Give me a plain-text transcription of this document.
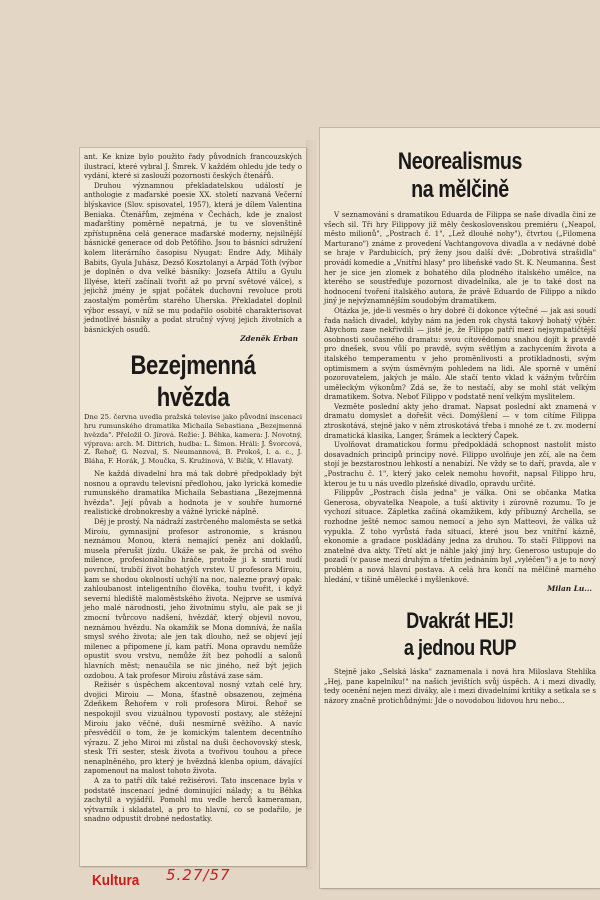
ant. Ke knize bylo použito řady původních francouzských ilustrací, které vybral J. Šmrek. V každém ohledu jde tedy o vydání, které si zaslouží pozornosti českých čtenářů.

Druhou významnou překladatelskou událostí je anthologie z maďarské poesie XX. století nazvaná Večerní blýskavice (Slov. spisovatel, 1957), která je dílem Valentina Beniaka. Čtenářům, zejména v Čechách, kde je znalost maďarštiny poměrně nepatrná, je tu ve slovenštině zpřístupněna celá generace maďarské moderny, nejsilnější básnické generace od dob Petőfiho. Jsou to básníci sdružení kolem literárního časopisu Nyugat: Endre Ady, Mihály Babits, Gyula Juhász, Dezső Kosztolanyi a Arpád Tóth (výbor je doplněn o dva velké básníky: Jozsefa Attilu a Gyulu Illyése, kteří začínali tvořit až po první světové válce), s jejichž jmény je spjat počátek duchovní revoluce proti zaostalým poměrům starého Uherska. Překladatel doplnil výbor essayí, v níž se mu podařilo osobitě charakterisovat jednotlivé básníky a podat stručný vývoj jejich životních a básnických osudů.

Zdeněk Erban

Bezejmenná hvězda

Dne 25. června uvedla pražská televise jako původní inscenaci hru rumunského dramatika Michaila Sebastiana „Bezejmenná hvězda". Přeložil O. Jírová. Režie: J. Běhka, kamera: J. Novotný, výprava: arch. M. Dittrich, hudba: L. Šimon. Hráli: J. Švorcová, Z. Řehoř, G. Nezval, S. Neumannová, B. Prokoš, l. a. c., J. Bláha, F. Horák, J. Moučka, S. Kružinová, V. Bičík, V. Hlavatý.

Ne každá divadelní hra má tak dobré předpoklady být nosnou a opravdu televisní předlohou, jako lyrická komedie rumunského dramatika Michaila Sebastiana „Bezejmenná hvězda". Její půvab a hodnota je v souhře humorné realistické drobnokresby a vážné lyrické náplně.

Děj je prostý. Na nádraží zastrčeného maloměsta se setká Miroiu, gymnasijní profesor astronomie, s krásnou neznámou Monou, která nemající peněz ani dokladů, musela přerušit jízdu. Ukáže se pak, že prchá od svého milence, profesionálního hráče, protože ji k smrti nudí povrchní, trubčí život bohatých vrstev. U profesora Miroiu, kam se shodou okolností uchýlí na noc, nalezne pravý opak: zahloubanost inteligentního člověka, touhu tvořit, i když severní hlediště maloměstského života. Nejprve se usmívá jeho malé národnosti, jeho životnímu stylu, ale pak se ji zmocní tvůrcovo nadšení, hvězdář, který objevil novou, neznámou hvězdu. Na okamžik se Mona domnívá, že našla smysl svého života; ale jen tak dlouho, než se objeví její milenec a připomene jí, kam patří. Mona opravdu nemůže opustit svou vrstvu, nemůže žít bez pohodlí a salonů hlavních měst; nenaučila se nic jiného, než být jejich ozdobou. A tak profesor Miroiu zůstává zase sám.

Režisér s úspěchem akcentoval nosný vztah celé hry, dvojici Miroiu — Mona, šťastně obsazenou, zejména Zdeňkem Řehořem v roli profesora Miroi. Řehoř se nespokojil svou vizuálnou typovostí postavy, ale stěžejní Miroiu jako věčné, duši nesmírně svěžího. A navíc přesvědčil o tom, že je komickým talentem decentního výrazu. Z jeho Miroi mi zůstal na duši čechovovský stesk, stesk Tří sester, stesk života a tvořivou touhou a přece nenaplněného, pro který je hvězdná klenba opium, dávající zapomenout na malost tohoto života.

A za to patří dík také režisérovi. Tato inscenace byla v podstatě inscenací jedné dominující nálady; a tu Běhka zachytil a vyjádřil. Pomohl mu vedle herců kameraman, výtvarník i skladatel, a pro to hlavní, co se podařilo, je snadno odpustit drobné nedostatky.

Neorealismus
na mělčině

V seznamování s dramatikou Eduarda de Filippa se naše divadla činí ze všech sil. Tři hry Filippovy již měly československou premiéru („Neapol, město milionů", „Postrach č. 1", „Lež dlouhé nohy"), čtvrtou („Filomena Marturano") známe z provedení Vachtangovova divadla a v nedávné době se hraje v Pardubicích, prý ženy jsou další dvě: „Dobrotivá strašidla" provádí komedie a „Vnitřní hlasy" pro libeňské vado St. K. Neumanna. Šest her je sice jen zlomek z bohatého díla plodného italského umělce, na kterého se soustřeďuje pozornost divadelníka, ale je to také dost na hodnocení tvoření italského autora, že právě Eduardo de Filippo a nikdo jiný je nejvýznamnějším soudobým dramatikem.

Otázka je, jde-li vesměs o hry dobré či dokonce výtečné — jak asi soudí řada našich divadel, kdyby nám na jeden rok chystá takový bohatý výběr. Abychom zase nekřivdili — jisté je, že Filippo patří mezi nejsympatičtější osobnosti současného dramatu: svou citovědomou snahou dojít k pravdě pro dnešek, svou vůlí po pravdě, svým světlým a zachycením života a italského temperamentu v jeho proměnlivosti a protikladnosti, svým optimismem a svým úsměvným pohledem na lidi. Ale sporně v umění pozorovatelem, jakých je málo. Ale stačí tento vklad k vážným tvůrčím uměleckým výkonům? Zdá se, že to nestačí, aby se mohl stát velkým dramatikem. Sotva. Neboť Filippo v podstatě není velkým myslitelem.

Vezměte poslední akty jeho dramat. Napsat poslední akt znamená v dramatu domyslet a dořešit věci. Domýšlení — v tom cítíme Filippa ztroskotává, stejně jako v něm ztroskotává třeba i mnohé ze t. zv. moderní dramatická klasika, Langer, Šrámek a leckterý Čapek.

Uvolňovat dramatickou formu předpokládá schopnost nastolit místo dosavadních principů principy nové. Filippo uvolňuje jen zčí, ale na čem stojí je bezstarostnou lehkostí a nenabízí. Ne vždy se to daří, pravda, ale v „Postrachu č. 1", který jako celek nemohu hovořit, napsal Filippo hru, kterou je tu u nás uvedlo plzeňské divadlo, opravdu určité.

Filippův „Postrach čísla jedna" je válka. Oni se občanka Matka Generosa, obyvatelka Neapole, a tuší aktivity i zúrovně rozumu. To je vychozí situace. Zápletka začíná okamžikem, kdy příbuzný Archella, se rozhodne ještě nemoc samou nemocí a jeho syn Matteovi, že válka už vypukla. Z toho vyrůstá řada situací, které jsou bez vnitřní kázně, ekonomie a gradace poskládány jedna za druhou. To stačí Filippovi na znatelné dva akty. Třetí akt je náhle jaký jiný hry, Generoso ustupuje do pozadí (v pause mezi druhým a třetím jednáním byl „vyléčen") a je to nový problém a nová hlavní postava. A celá hra končí na mělčině marného hledání, v tišině umělecké i myšlenkové.

Milan Lu...

Dvakrát HEJ!
a jednou RUP

Stejně jako „Selská láska" zaznamenala i nová hra Miloslava Stehlíka „Hej, pane kapelníku!" na našich jevištích svůj úspěch. A i mezi divadly, tedy ocenění nejen mezi diváky, ale i mezi divadelními kritiky a setkala se s názory značně protichůdnými: Jde o novodobou lidovou hru nebo...

Kultura 5.27/57
